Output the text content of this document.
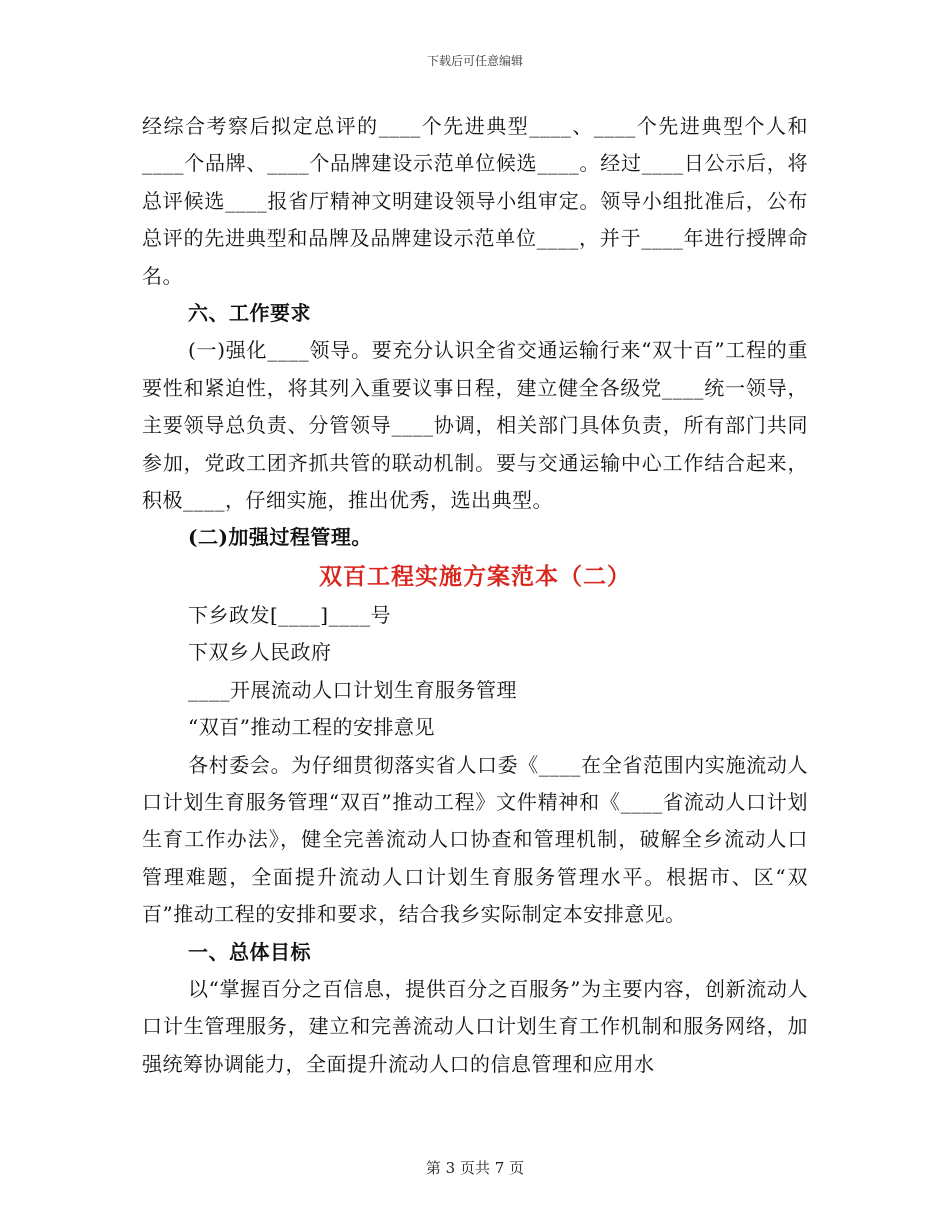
下载后可任意编辑

经综合考察后拟定总评的____个先进典型____、____个先进典型个人和____个品牌、____个品牌建设示范单位候选____。经过____日公示后，将总评候选____报省厅精神文明建设领导小组审定。领导小组批准后，公布总评的先进典型和品牌及品牌建设示范单位____，并于____年进行授牌命名。

六、工作要求

(一)强化____领导。要充分认识全省交通运输行来“双十百”工程的重要性和紧迫性，将其列入重要议事日程，建立健全各级党____统一领导，主要领导总负责、分管领导____协调，相关部门具体负责，所有部门共同参加，党政工团齐抓共管的联动机制。要与交通运输中心工作结合起来，积极____，仔细实施，推出优秀，选出典型。

(二)加强过程管理。

双百工程实施方案范本（二）

下乡政发[____]____号

下双乡人民政府

____开展流动人口计划生育服务管理

“双百”推动工程的安排意见

各村委会。为仔细贯彻落实省人口委《____在全省范围内实施流动人口计划生育服务管理“双百”推动工程》文件精神和《____省流动人口计划生育工作办法》，健全完善流动人口协查和管理机制，破解全乡流动人口管理难题，全面提升流动人口计划生育服务管理水平。根据市、区“双百”推动工程的安排和要求，结合我乡实际制定本安排意见。

一、总体目标

以“掌握百分之百信息，提供百分之百服务”为主要内容，创新流动人口计生管理服务，建立和完善流动人口计划生育工作机制和服务网络，加强统筹协调能力，全面提升流动人口的信息管理和应用水

第 3 页共 7 页
